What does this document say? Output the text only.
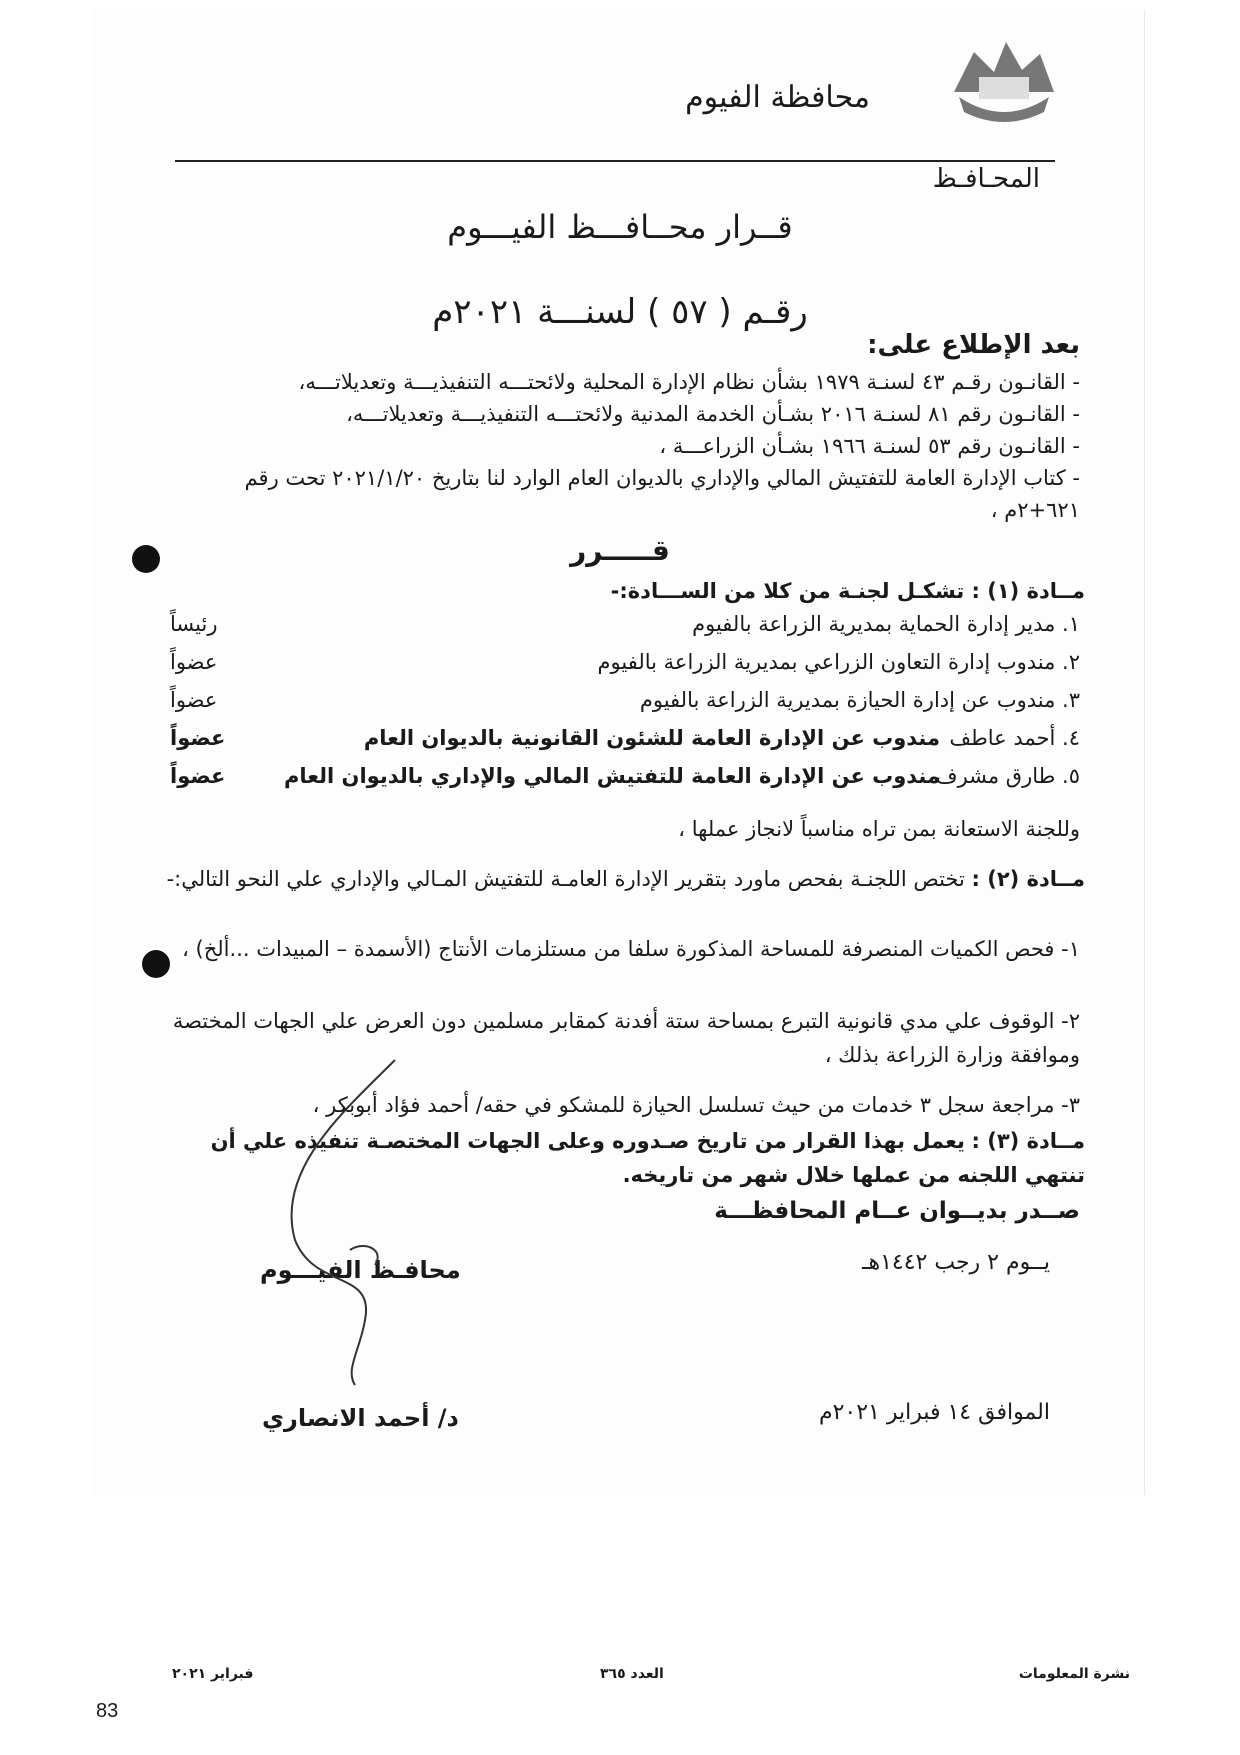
محافظة الفيوم
المحـافـظ
قــرار محــافـــظ الفيـــوم
رقـم ( ٥٧ ) لسنـــة ٢٠٢١م
بعد الإطلاع على:
- القانـون رقـم ٤٣ لسنـة ١٩٧٩ بشأن نظام الإدارة المحلية ولائحتـــه التنفيذيـــة وتعديلاتـــه،
- القانـون رقم ٨١ لسنـة ٢٠١٦ بشـأن الخدمة المدنية ولائحتـــه التنفيذيـــة وتعديلاتـــه،
- القانـون رقم ٥٣ لسنـة ١٩٦٦ بشـأن الزراعـــة ،
- كتاب الإدارة العامة للتفتيش المالي والإداري بالديوان العام الوارد لنا بتاريخ ٢٠٢١/١/٢٠ تحت رقم ٦٢١+٢م ،
قـــــرر
مــادة (١) : تشكـل لجنـة من كلا من الســـادة:-
١. مدير إدارة الحماية بمديرية الزراعة بالفيوم
رئيساً
٢. مندوب إدارة التعاون الزراعي بمديرية الزراعة بالفيوم
عضواً
٣. مندوب عن إدارة الحيازة بمديرية الزراعة بالفيوم
عضواً
٤. أحمد عاطف
مندوب عن الإدارة العامة للشئون القانونية بالديوان العام
عضواً
٥. طارق مشرف
مندوب عن الإدارة العامة للتفتيش المالي والإداري بالديوان العام
عضواً
وللجنة الاستعانة بمن تراه مناسباً لانجاز عملها ،
مــادة (٢) : تختص اللجنـة بفحص ماورد بتقرير الإدارة العامـة للتفتيش المـالي والإداري علي النحو التالي:-
١- فحص الكميات المنصرفة للمساحة المذكورة سلفا من مستلزمات الأنتاج (الأسمدة – المبيدات ...ألخ) ،
٢- الوقوف علي مدي قانونية التبرع بمساحة ستة أفدنة كمقابر مسلمين دون العرض علي الجهات المختصة وموافقة وزارة الزراعة بذلك ،
٣- مراجعة سجل ٣ خدمات من حيث تسلسل الحيازة للمشكو في حقه/ أحمد فؤاد أبوبكر ،
مــادة (٣) : يعمل بهذا القرار من تاريخ صـدوره وعلى الجهات المختصـة تنفيذه علي أن تنتهي اللجنه من عملها خلال شهر من تاريخه.
صــدر بديــوان عــام المحافظـــة
يــوم ٢ رجب ١٤٤٢هـ
الموافق ١٤ فبراير ٢٠٢١م
محافـظ الفيـــوم
د/ أحمد الانصاري
نشرة المعلومات
العدد ٣٦٥
فبراير ٢٠٢١
83
